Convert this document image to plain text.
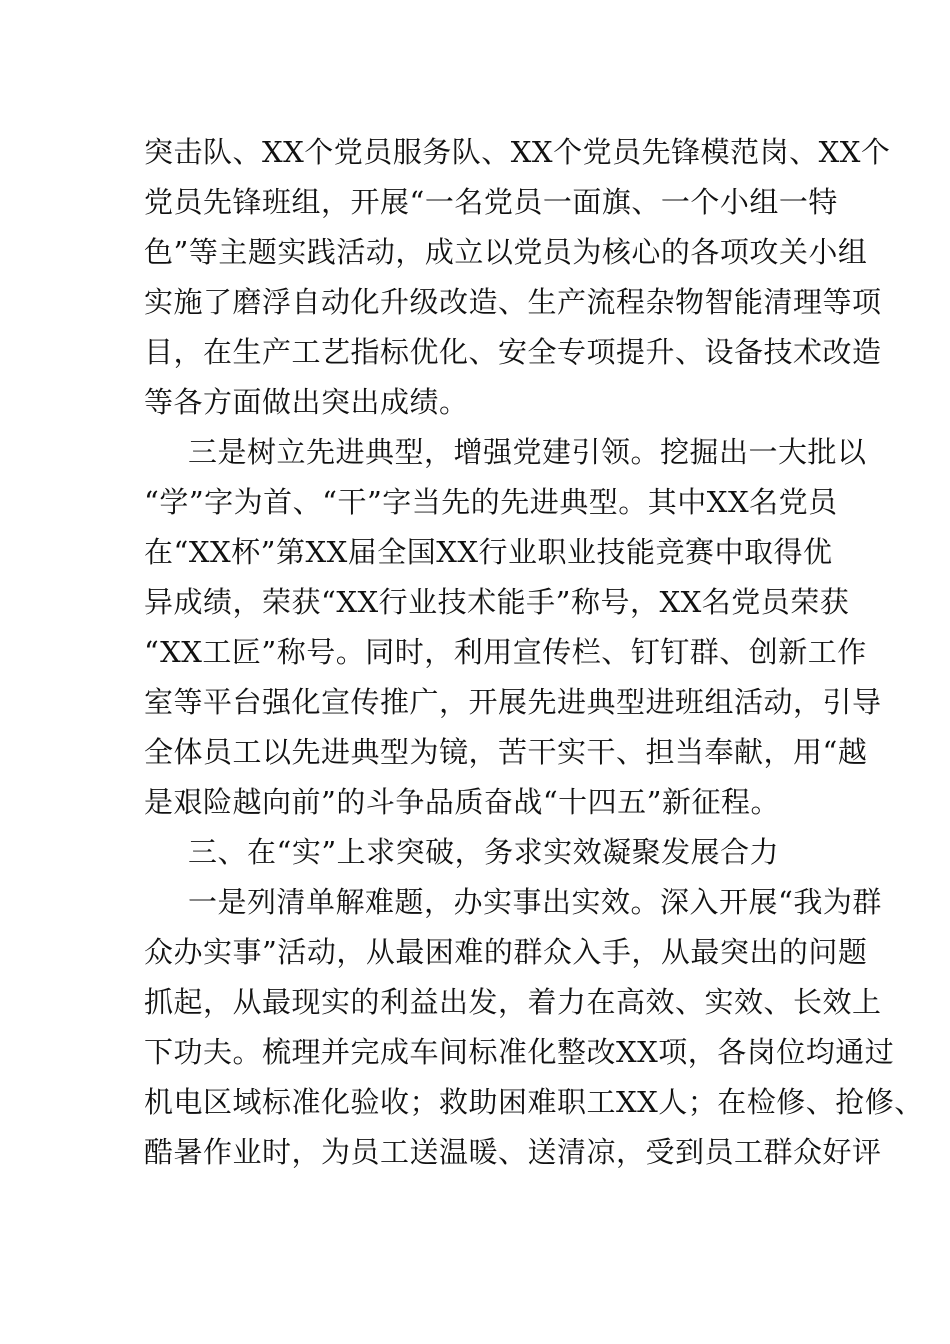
突击队、XX个党员服务队、XX个党员先锋模范岗、XX个
党员先锋班组，开展“一名党员一面旗、一个小组一特
色”等主题实践活动，成立以党员为核心的各项攻关小组
实施了磨浮自动化升级改造、生产流程杂物智能清理等项
目，在生产工艺指标优化、安全专项提升、设备技术改造
等各方面做出突出成绩。
三是树立先进典型，增强党建引领。挖掘出一大批以
“学”字为首、“干”字当先的先进典型。其中XX名党员
在“XX杯”第XX届全国XX行业职业技能竞赛中取得优
异成绩，荣获“XX行业技术能手”称号，XX名党员荣获
“XX工匠”称号。同时，利用宣传栏、钉钉群、创新工作
室等平台强化宣传推广，开展先进典型进班组活动，引导
全体员工以先进典型为镜，苦干实干、担当奉献，用“越
是艰险越向前”的斗争品质奋战“十四五”新征程。
三、在“实”上求突破，务求实效凝聚发展合力
一是列清单解难题，办实事出实效。深入开展“我为群
众办实事”活动，从最困难的群众入手，从最突出的问题
抓起，从最现实的利益出发，着力在高效、实效、长效上
下功夫。梳理并完成车间标准化整改XX项，各岗位均通过
机电区域标准化验收；救助困难职工XX人；在检修、抢修、
酷暑作业时，为员工送温暖、送清凉，受到员工群众好评
